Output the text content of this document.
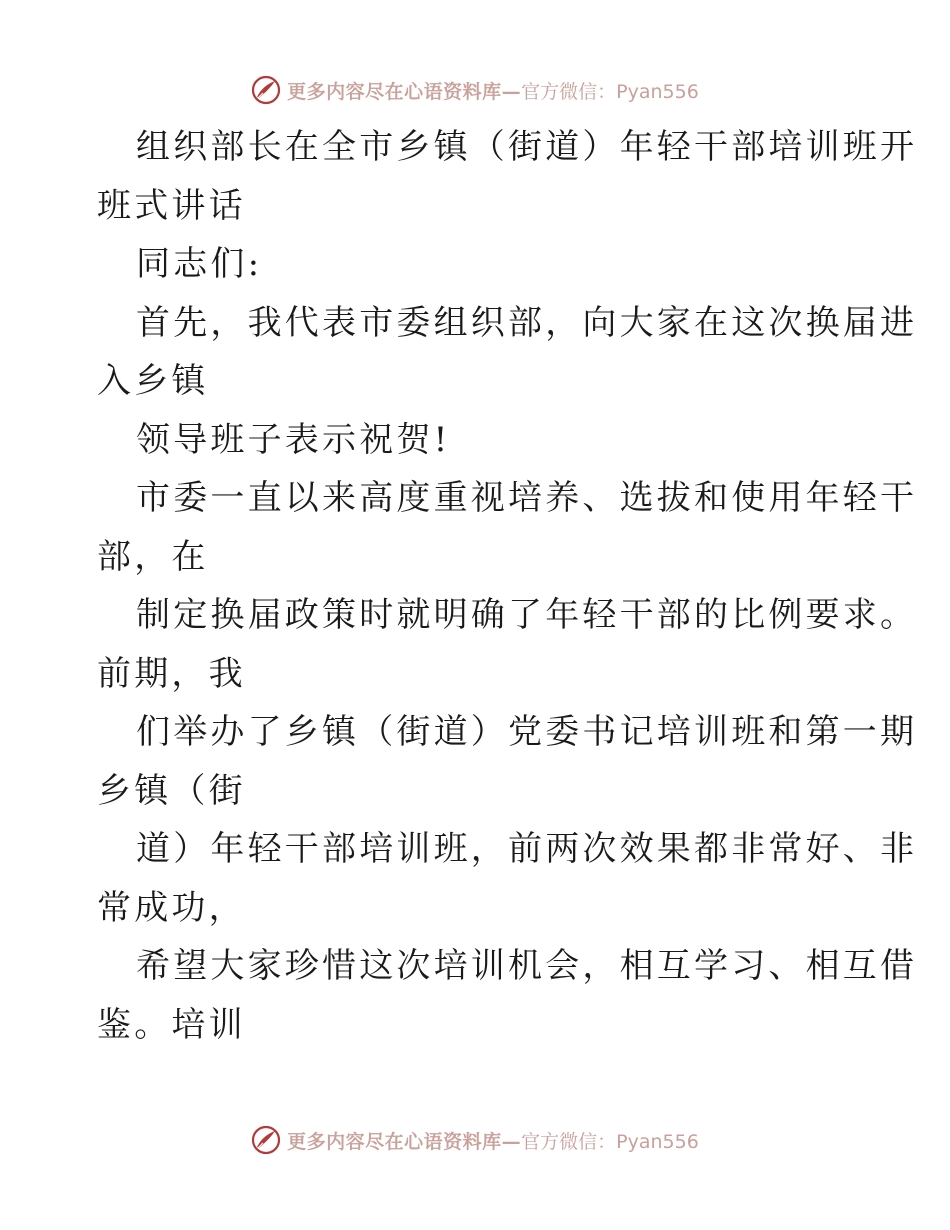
更多内容尽在心语资料库— 官方微信：Pyan556
组织部长在全市乡镇（街道）年轻干部培训班开
班式讲话
同志们:
首先，我代表市委组织部，向大家在这次换届进
入乡镇
领导班子表示祝贺!
市委一直以来高度重视培养、选拔和使用年轻干
部，在
制定换届政策时就明确了年轻干部的比例要求。
前期，我
们举办了乡镇（街道）党委书记培训班和第一期
乡镇（街
道）年轻干部培训班，前两次效果都非常好、非
常成功，
希望大家珍惜这次培训机会，相互学习、相互借
鉴。培训
更多内容尽在心语资料库— 官方微信：Pyan556
